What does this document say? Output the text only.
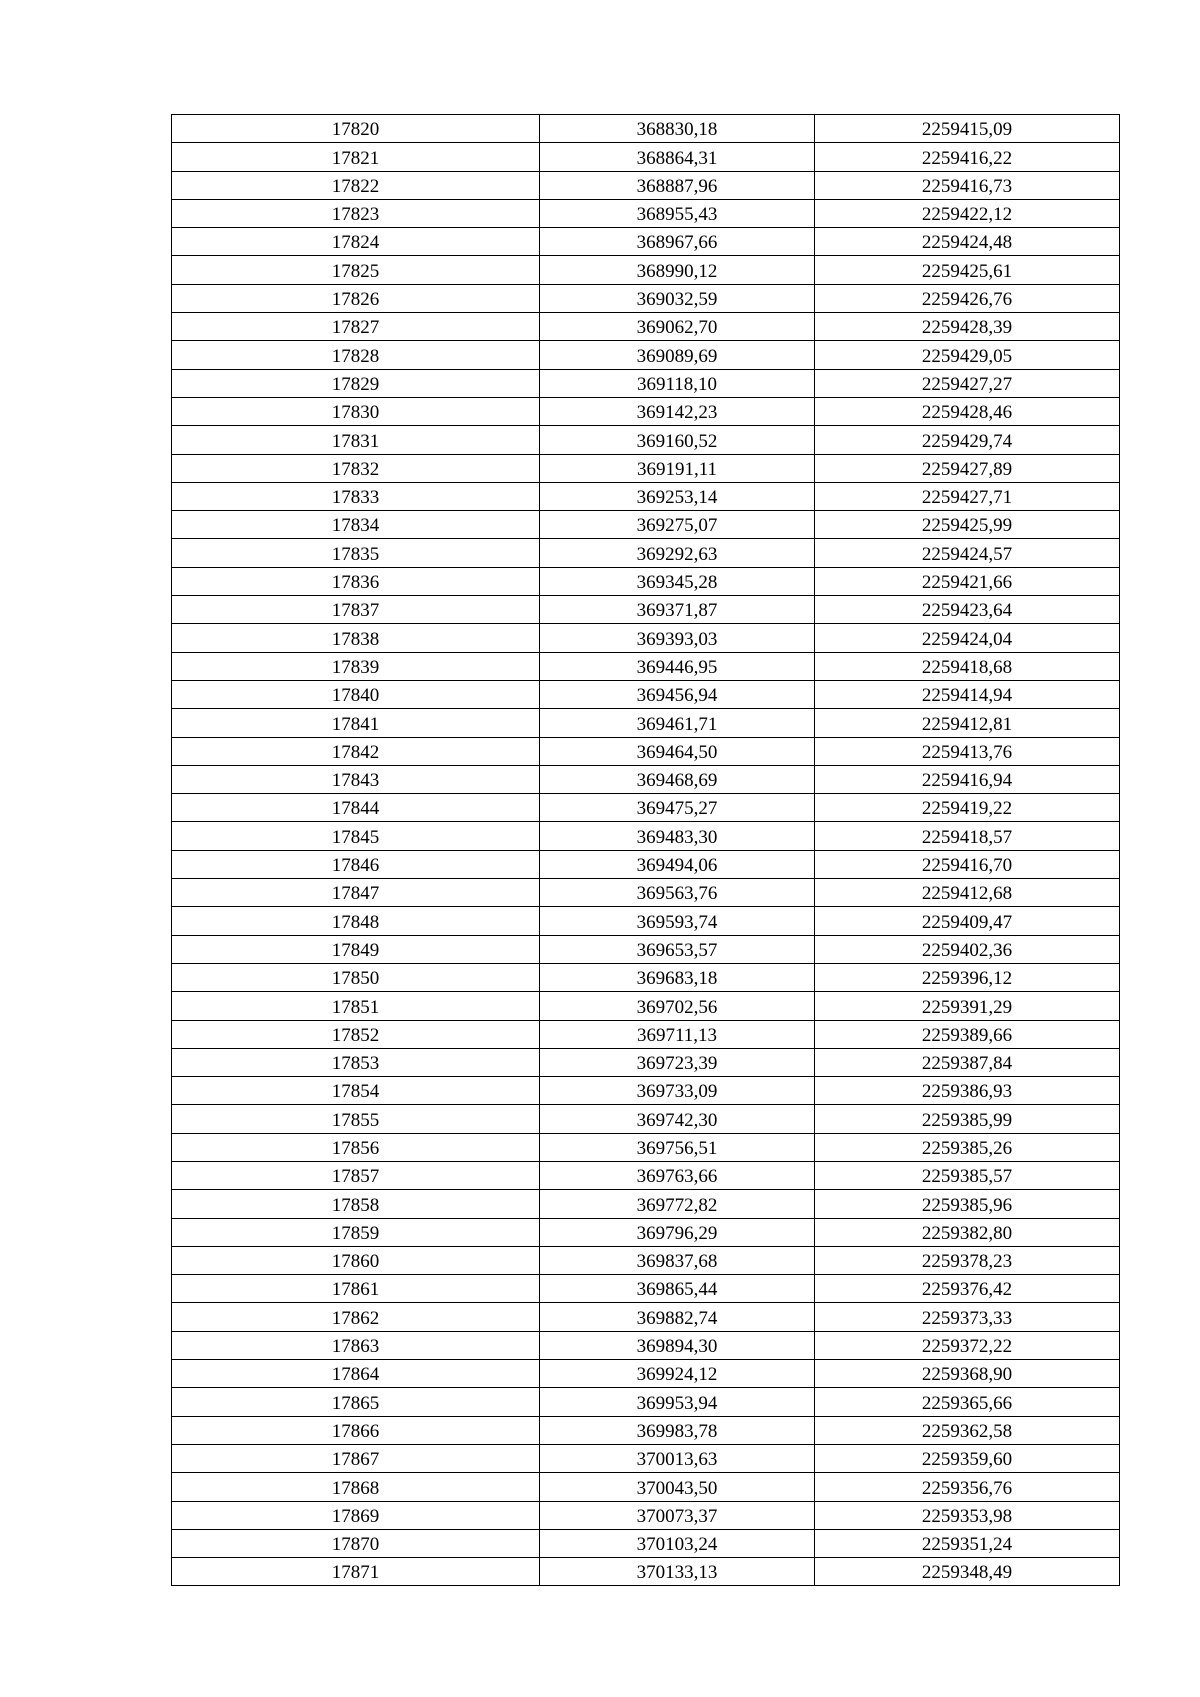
17820	368830,18	2259415,09
17821	368864,31	2259416,22
17822	368887,96	2259416,73
17823	368955,43	2259422,12
17824	368967,66	2259424,48
17825	368990,12	2259425,61
17826	369032,59	2259426,76
17827	369062,70	2259428,39
17828	369089,69	2259429,05
17829	369118,10	2259427,27
17830	369142,23	2259428,46
17831	369160,52	2259429,74
17832	369191,11	2259427,89
17833	369253,14	2259427,71
17834	369275,07	2259425,99
17835	369292,63	2259424,57
17836	369345,28	2259421,66
17837	369371,87	2259423,64
17838	369393,03	2259424,04
17839	369446,95	2259418,68
17840	369456,94	2259414,94
17841	369461,71	2259412,81
17842	369464,50	2259413,76
17843	369468,69	2259416,94
17844	369475,27	2259419,22
17845	369483,30	2259418,57
17846	369494,06	2259416,70
17847	369563,76	2259412,68
17848	369593,74	2259409,47
17849	369653,57	2259402,36
17850	369683,18	2259396,12
17851	369702,56	2259391,29
17852	369711,13	2259389,66
17853	369723,39	2259387,84
17854	369733,09	2259386,93
17855	369742,30	2259385,99
17856	369756,51	2259385,26
17857	369763,66	2259385,57
17858	369772,82	2259385,96
17859	369796,29	2259382,80
17860	369837,68	2259378,23
17861	369865,44	2259376,42
17862	369882,74	2259373,33
17863	369894,30	2259372,22
17864	369924,12	2259368,90
17865	369953,94	2259365,66
17866	369983,78	2259362,58
17867	370013,63	2259359,60
17868	370043,50	2259356,76
17869	370073,37	2259353,98
17870	370103,24	2259351,24
17871	370133,13	2259348,49
